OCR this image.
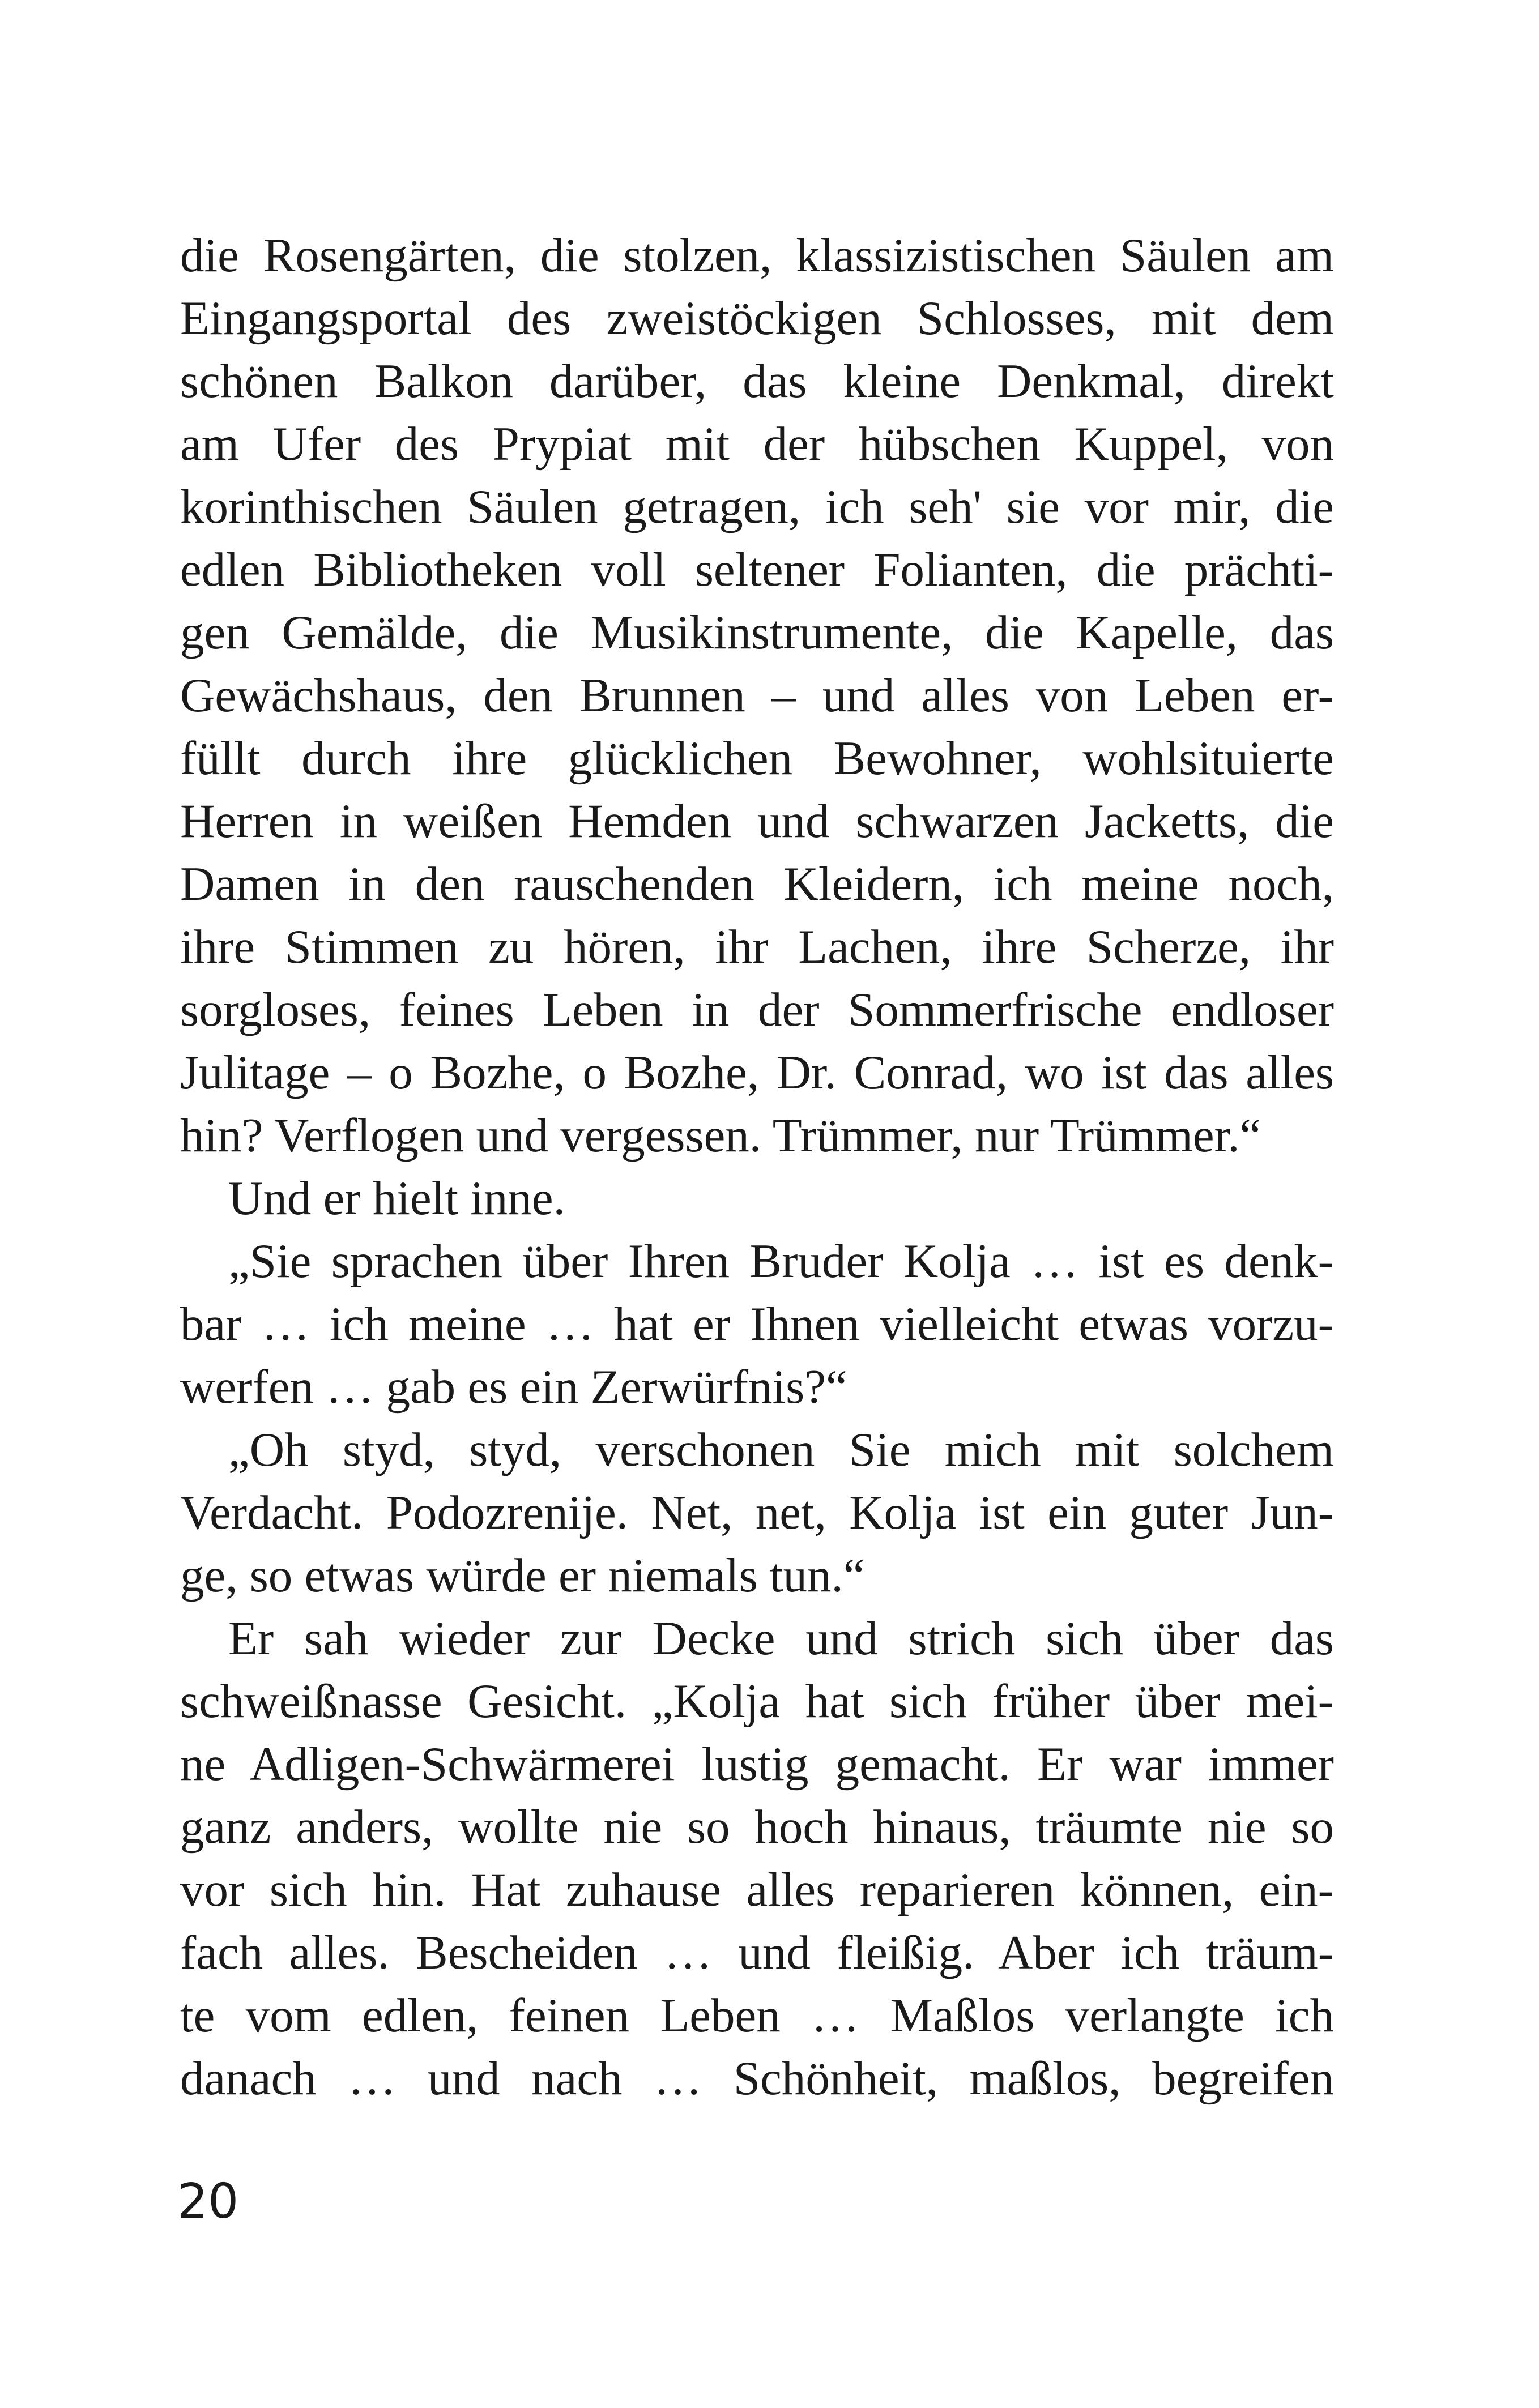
die Rosengärten, die stolzen, klassizistischen Säulen am
Eingangsportal des zweistöckigen Schlosses, mit dem
schönen Balkon darüber, das kleine Denkmal, direkt
am Ufer des Prypiat mit der hübschen Kuppel, von
korinthischen Säulen getragen, ich seh' sie vor mir, die
edlen Bibliotheken voll seltener Folianten, die prächti-
gen Gemälde, die Musikinstrumente, die Kapelle, das
Gewächshaus, den Brunnen – und alles von Leben er-
füllt durch ihre glücklichen Bewohner, wohlsituierte
Herren in weißen Hemden und schwarzen Jacketts, die
Damen in den rauschenden Kleidern, ich meine noch,
ihre Stimmen zu hören, ihr Lachen, ihre Scherze, ihr
sorgloses, feines Leben in der Sommerfrische endloser
Julitage – o Bozhe, o Bozhe, Dr. Conrad, wo ist das alles
hin? Verflogen und vergessen. Trümmer, nur Trümmer.“
Und er hielt inne.
„Sie sprachen über Ihren Bruder Kolja … ist es denk-
bar … ich meine … hat er Ihnen vielleicht etwas vorzu-
werfen … gab es ein Zerwürfnis?“
„Oh styd, styd, verschonen Sie mich mit solchem
Verdacht. Podozrenije. Net, net, Kolja ist ein guter Jun-
ge, so etwas würde er niemals tun.“
Er sah wieder zur Decke und strich sich über das
schweißnasse Gesicht. „Kolja hat sich früher über mei-
ne Adligen-Schwärmerei lustig gemacht. Er war immer
ganz anders, wollte nie so hoch hinaus, träumte nie so
vor sich hin. Hat zuhause alles reparieren können, ein-
fach alles. Bescheiden … und fleißig. Aber ich träum-
te vom edlen, feinen Leben … Maßlos verlangte ich
danach … und nach … Schönheit, maßlos, begreifen

20
